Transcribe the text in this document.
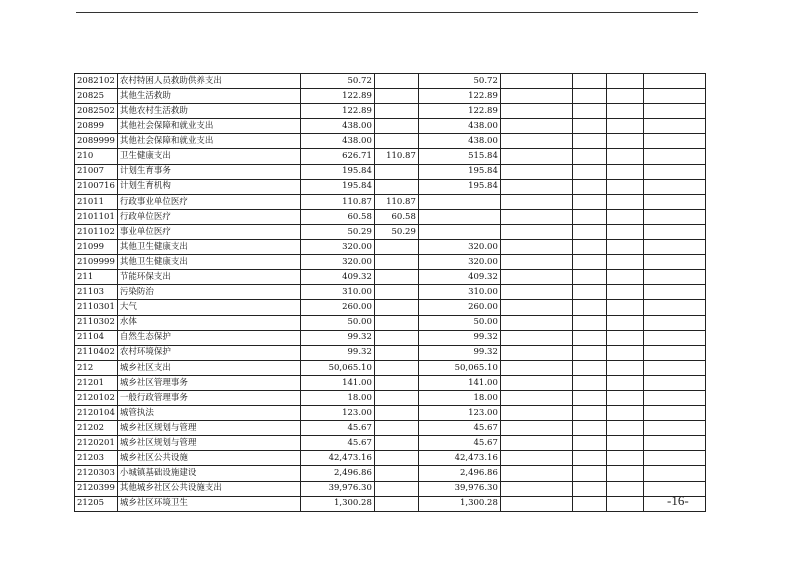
2082102	农村特困人员救助供养支出	50.72		50.72				
20825	其他生活救助	122.89		122.89				
2082502	其他农村生活救助	122.89		122.89				
20899	其他社会保障和就业支出	438.00		438.00				
2089999	其他社会保障和就业支出	438.00		438.00				
210	卫生健康支出	626.71	110.87	515.84				
21007	计划生育事务	195.84		195.84				
2100716	计划生育机构	195.84		195.84				
21011	行政事业单位医疗	110.87	110.87					
2101101	行政单位医疗	60.58	60.58					
2101102	事业单位医疗	50.29	50.29					
21099	其他卫生健康支出	320.00		320.00				
2109999	其他卫生健康支出	320.00		320.00				
211	节能环保支出	409.32		409.32				
21103	污染防治	310.00		310.00				
2110301	大气	260.00		260.00				
2110302	水体	50.00		50.00				
21104	自然生态保护	99.32		99.32				
2110402	农村环境保护	99.32		99.32				
212	城乡社区支出	50,065.10		50,065.10				
21201	城乡社区管理事务	141.00		141.00				
2120102	一般行政管理事务	18.00		18.00				
2120104	城管执法	123.00		123.00				
21202	城乡社区规划与管理	45.67		45.67				
2120201	城乡社区规划与管理	45.67		45.67				
21203	城乡社区公共设施	42,473.16		42,473.16				
2120303	小城镇基础设施建设	2,496.86		2,496.86				
2120399	其他城乡社区公共设施支出	39,976.30		39,976.30				
21205	城乡社区环境卫生	1,300.28		1,300.28					-16-
